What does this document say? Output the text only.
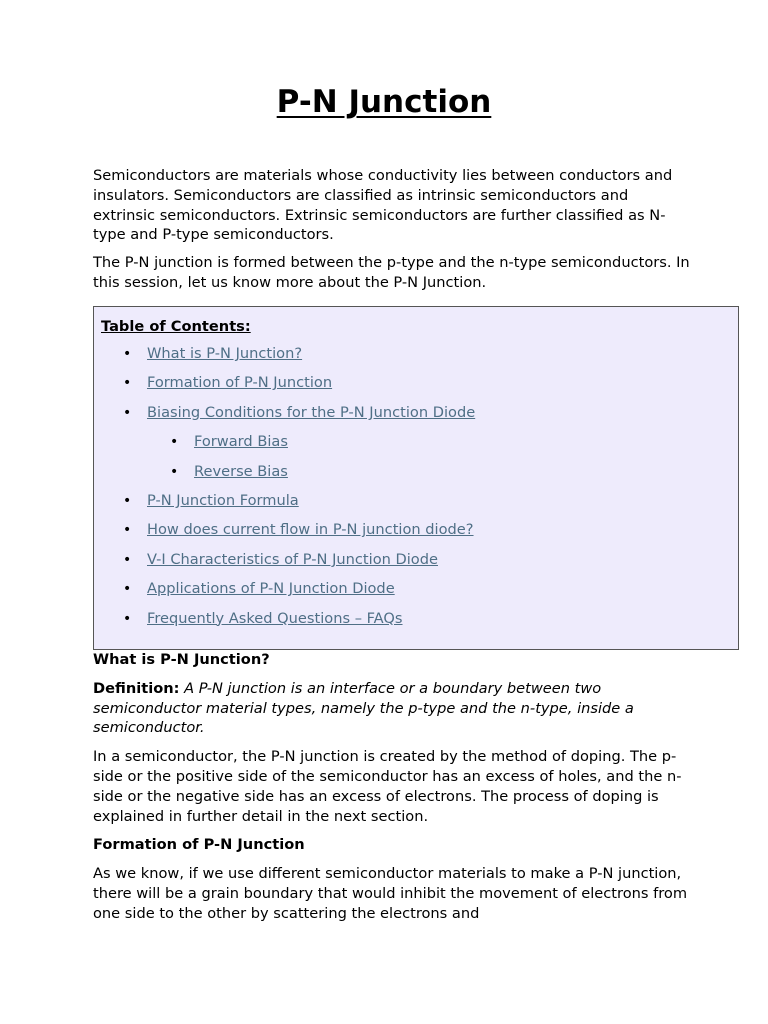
P-N Junction

Semiconductors are materials whose conductivity lies between conductors and insulators. Semiconductors are classified as intrinsic semiconductors and extrinsic semiconductors. Extrinsic semiconductors are further classified as N-type and P-type semiconductors.

The P-N junction is formed between the p-type and the n-type semiconductors. In this session, let us know more about the P-N Junction.

Table of Contents:
• What is P-N Junction?
• Formation of P-N Junction
• Biasing Conditions for the P-N Junction Diode
• Forward Bias
• Reverse Bias
• P-N Junction Formula
• How does current flow in P-N junction diode?
• V-I Characteristics of P-N Junction Diode
• Applications of P-N Junction Diode
• Frequently Asked Questions – FAQs

What is P-N Junction?

Definition: A P-N junction is an interface or a boundary between two semiconductor material types, namely the p-type and the n-type, inside a semiconductor.

In a semiconductor, the P-N junction is created by the method of doping. The p-side or the positive side of the semiconductor has an excess of holes, and the n-side or the negative side has an excess of electrons. The process of doping is explained in further detail in the next section.

Formation of P-N Junction

As we know, if we use different semiconductor materials to make a P-N junction, there will be a grain boundary that would inhibit the movement of electrons from one side to the other by scattering the electrons and
